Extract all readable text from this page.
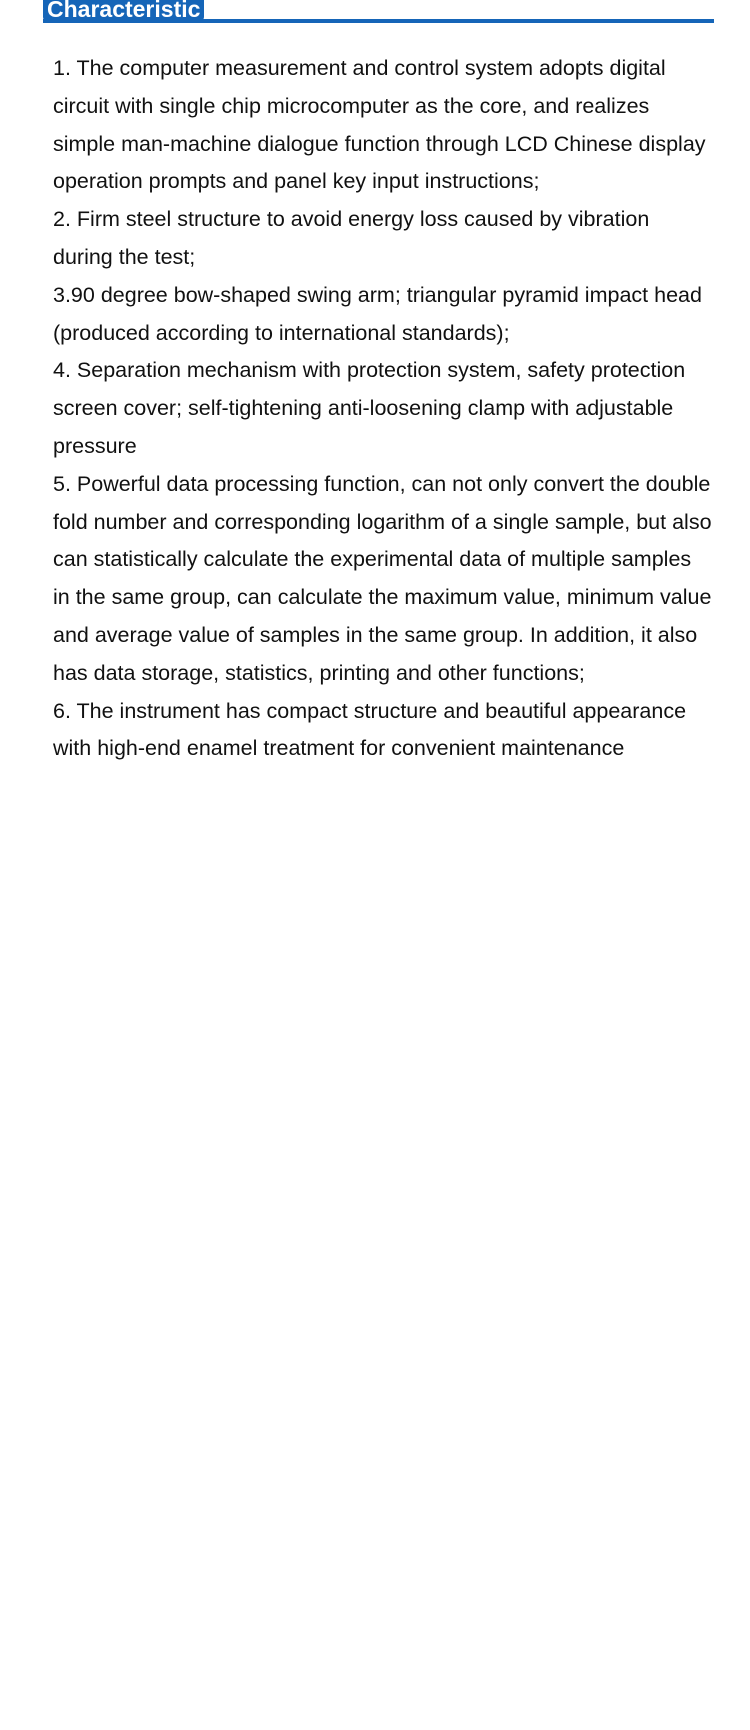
Characteristic
1. The computer measurement and control system adopts digital circuit with single chip microcomputer as the core, and realizes simple man-machine dialogue function through LCD Chinese display operation prompts and panel key input instructions;
2. Firm steel structure to avoid energy loss caused by vibration during the test;
3.90 degree bow-shaped swing arm; triangular pyramid impact head (produced according to international standards);
4. Separation mechanism with protection system, safety protection screen cover; self-tightening anti-loosening clamp with adjustable pressure
5. Powerful data processing function, can not only convert the double fold number and corresponding logarithm of a single sample, but also can statistically calculate the experimental data of multiple samples in the same group, can calculate the maximum value, minimum value and average value of samples in the same group. In addition, it also has data storage, statistics, printing and other functions;
6. The instrument has compact structure and beautiful appearance with high-end enamel treatment for convenient maintenance
